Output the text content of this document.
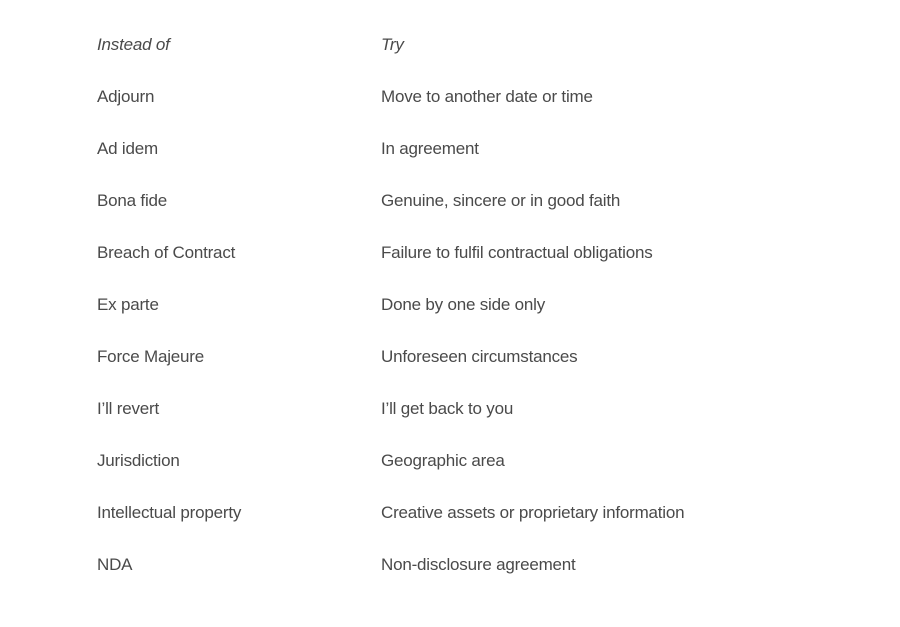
Instead of	Try
Adjourn	Move to another date or time
Ad idem	In agreement
Bona fide	Genuine, sincere or in good faith
Breach of Contract	Failure to fulfil contractual obligations
Ex parte	Done by one side only
Force Majeure	Unforeseen circumstances
I’ll revert	I’ll get back to you
Jurisdiction	Geographic area
Intellectual property	Creative assets or proprietary information
NDA	Non-disclosure agreement
